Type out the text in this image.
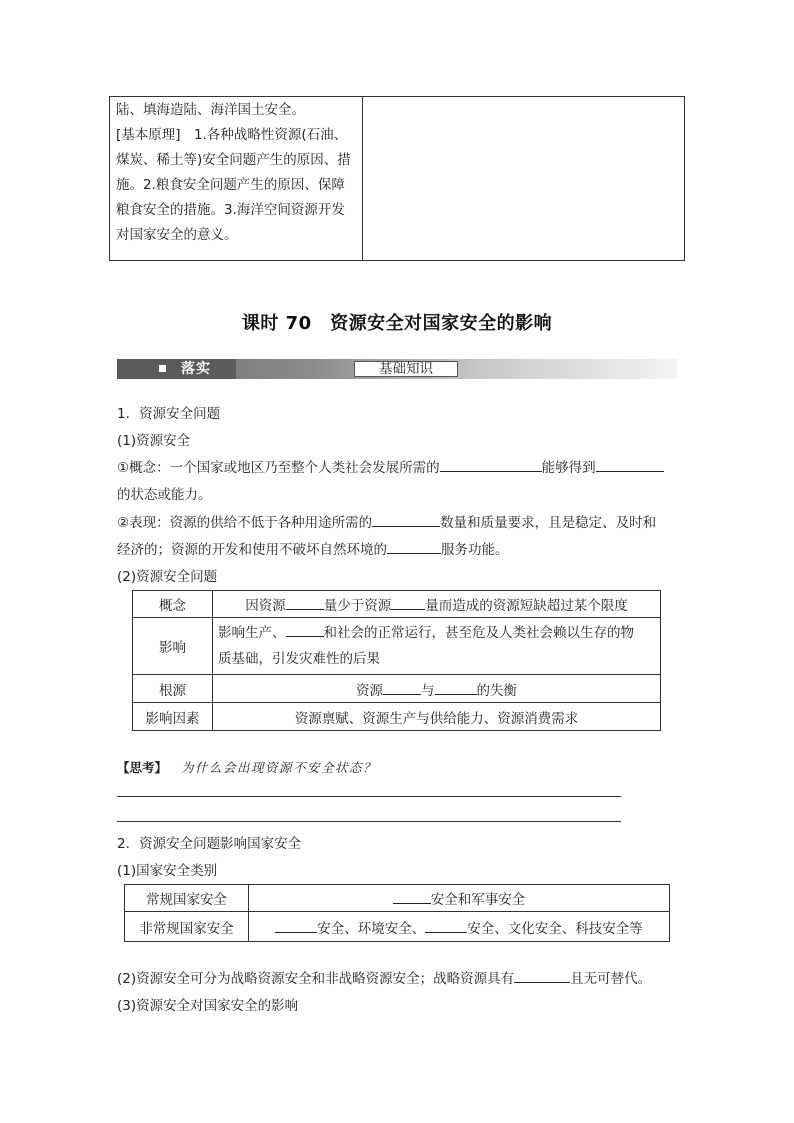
陆、填海造陆、海洋国土安全。

[基本原理]　1.各种战略性资源(石油、

煤炭、稀土等)安全问题产生的原因、措

施。2.粮食安全问题产生的原因、保障

粮食安全的措施。3.海洋空间资源开发

对国家安全的意义。

课时 70　资源安全对国家安全的影响
落实	基础知识
1．资源安全问题
(1)资源安全
①概念：一个国家或地区乃至整个人类社会发展所需的	能够得到
的状态或能力。
②表现：资源的供给不低于各种用途所需的	数量和质量要求，且是稳定、及时和
经济的；资源的开发和使用不破坏自然环境的	服务功能。
(2)资源安全问题
概念	因资源 量少于资源 量而造成的资源短缺超过某个限度
影响	影响生产、 和社会的正常运行，甚至危及人类社会赖以生存的物
质基础，引发灾难性的后果
根源	资源 与 的失衡
影响因素	资源禀赋、资源生产与供给能力、资源消费需求
【思考】 为什么会出现资源不安全状态？
2．资源安全问题影响国家安全
(1)国家安全类别
常规国家安全	安全和军事安全
非常规国家安全	安全、环境安全、 安全、文化安全、科技安全等
(2)资源安全可分为战略资源安全和非战略资源安全；战略资源具有	且无可替代。
(3)资源安全对国家安全的影响
